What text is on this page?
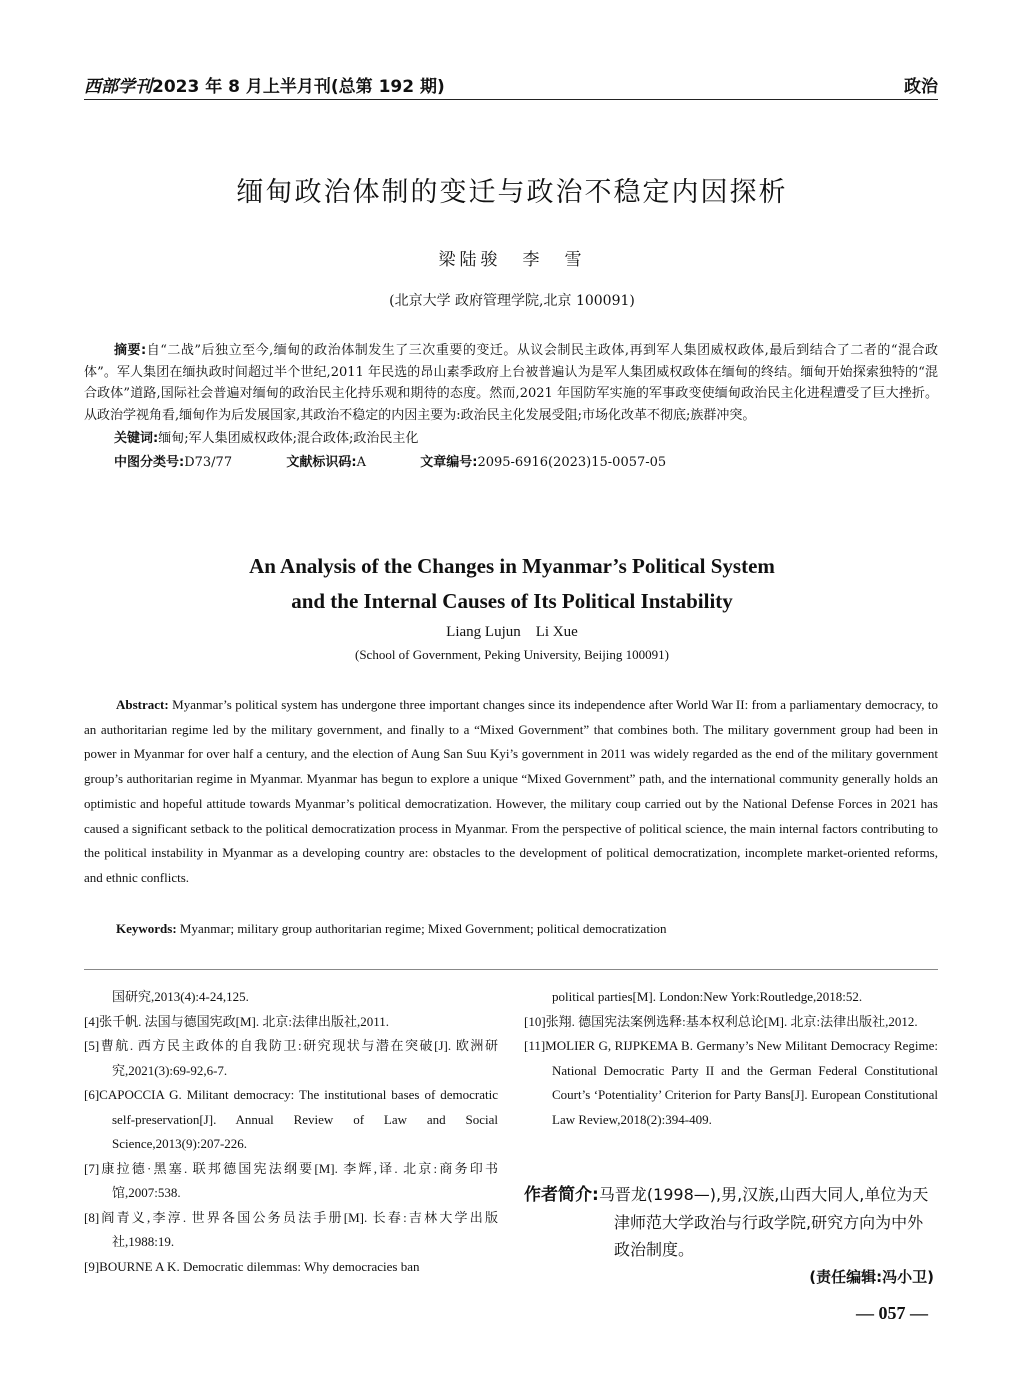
西部学刊2023 年 8 月上半月刊(总第 192 期)	政治
缅甸政治体制的变迁与政治不稳定内因探析
梁陆骏　李　雪
(北京大学 政府管理学院,北京 100091)
摘要:自“二战”后独立至今,缅甸的政治体制发生了三次重要的变迁。从议会制民主政体,再到军人集团威权政体,最后到结合了二者的“混合政体”。军人集团在缅执政时间超过半个世纪,2011 年民选的昂山素季政府上台被普遍认为是军人集团威权政体在缅甸的终结。缅甸开始探索独特的“混合政体”道路,国际社会普遍对缅甸的政治民主化持乐观和期待的态度。然而,2021 年国防军实施的军事政变使缅甸政治民主化进程遭受了巨大挫折。从政治学视角看,缅甸作为后发展国家,其政治不稳定的内因主要为:政治民主化发展受阻;市场化改革不彻底;族群冲突。
关键词:缅甸;军人集团威权政体;混合政体;政治民主化
中图分类号:D73/77	文献标识码:A	文章编号:2095-6916(2023)15-0057-05
An Analysis of the Changes in Myanmar’s Political System
and the Internal Causes of Its Political Instability
Liang Lujun　Li Xue
(School of Government, Peking University, Beijing 100091)
Abstract: Myanmar’s political system has undergone three important changes since its independence after World War II: from a parliamentary democracy, to an authoritarian regime led by the military government, and finally to a “Mixed Government” that combines both. The military government group had been in power in Myanmar for over half a century, and the election of Aung San Suu Kyi’s government in 2011 was widely regarded as the end of the military government group’s authoritarian regime in Myanmar. Myanmar has begun to explore a unique “Mixed Government” path, and the international community generally holds an optimistic and hopeful attitude towards Myanmar’s political democratization. However, the military coup carried out by the National Defense Forces in 2021 has caused a significant setback to the political democratization process in Myanmar. From the perspective of political science, the main internal factors contributing to the political instability in Myanmar as a developing country are: obstacles to the development of political democratization, incomplete market-oriented reforms, and ethnic conflicts.
Keywords: Myanmar; military group authoritarian regime; Mixed Government; political democratization
国研究,2013(4):4-24,125.
[4]张千帆. 法国与德国宪政[M]. 北京:法律出版社,2011.
[5]曹航. 西方民主政体的自我防卫:研究现状与潜在突破[J]. 欧洲研究,2021(3):69-92,6-7.
[6]CAPOCCIA G. Militant democracy: The institutional bases of democratic self-preservation[J]. Annual Review of Law and Social Science,2013(9):207-226.
[7]康拉德·黑塞. 联邦德国宪法纲要[M]. 李辉,译. 北京:商务印书馆,2007:538.
[8]阎青义,李淳. 世界各国公务员法手册[M]. 长春:吉林大学出版社,1988:19.
[9]BOURNE A K. Democratic dilemmas: Why democracies ban
political parties[M]. London:New York:Routledge,2018:52.
[10]张翔. 德国宪法案例选释:基本权利总论[M]. 北京:法律出版社,2012.
[11]MOLIER G, RIJPKEMA B. Germany’s New Militant Democracy Regime: National Democratic Party II and the German Federal Constitutional Court’s ‘Potentiality’ Criterion for Party Bans[J]. European Constitutional Law Review,2018(2):394-409.
作者简介:马晋龙(1998—),男,汉族,山西大同人,单位为天津师范大学政治与行政学院,研究方向为中外政治制度。
(责任编辑:冯小卫)
— 057 —
